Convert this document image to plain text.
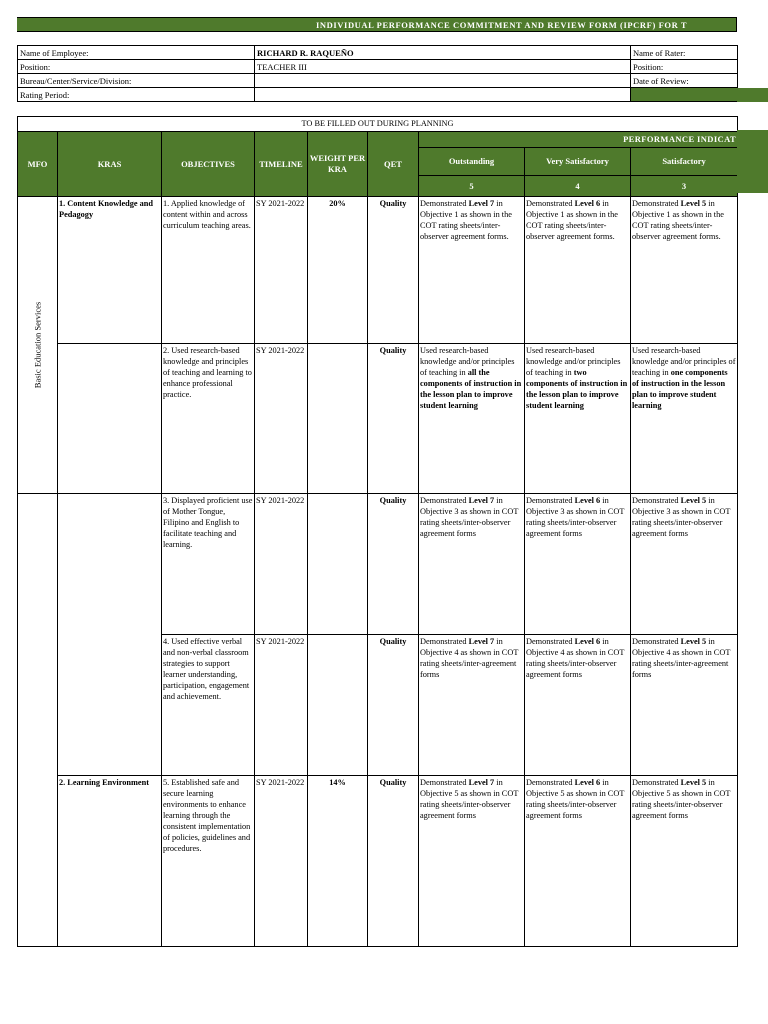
INDIVIDUAL PERFORMANCE COMMITMENT AND REVIEW FORM (IPCRF) FOR T
Name of Employee:	RICHARD R. RAQUEÑO	Name of Rater:
Position:	TEACHER III	Position:
Bureau/Center/Service/Division:		Date of Review:
Rating Period:		
TO BE FILLED OUT DURING PLANNING								
MFO	KRAS	OBJECTIVES	TIMELINE	WEIGHT PER KRA	QET	PERFORMANCE INDICAT		
						Outstanding	Very Satisfactory	Satisfactory
						5	4	3

Basic Education Services	1. Content Knowledge and Pedagogy	1. Applied knowledge of content within and across curriculum teaching areas.	SY 2021-2022	20%	Quality	Demonstrated Level 7 in Objective 1 as shown in the COT rating sheets/inter-observer agreement forms.	Demonstrated Level 6 in Objective 1 as shown in the COT rating sheets/inter-observer agreement forms.	Demonstrated Level 5 in Objective 1 as shown in the COT rating sheets/inter-observer agreement forms.
		2. Used research-based knowledge and principles of teaching and learning to enhance professional practice.	SY 2021-2022		Quality	Used research-based knowledge and/or principles of teaching in all the components of instruction in the lesson plan to improve student learning	Used research-based knowledge and/or principles of teaching in two components of instruction in the lesson plan to improve student learning	Used research-based knowledge and/or principles of teaching in one components of instruction in the lesson plan to improve student learning
		3. Displayed proficient use of Mother Tongue, Filipino and English to facilitate teaching and learning.	SY 2021-2022		Quality	Demonstrated Level 7 in Objective 3 as shown in COT rating sheets/inter-observer agreement forms	Demonstrated Level 6 in Objective 3 as shown in COT rating sheets/inter-observer agreement forms	Demonstrated Level 5 in Objective 3 as shown in COT rating sheets/inter-observer agreement forms
		4. Used effective verbal and non-verbal classroom strategies to support learner understanding, participation, engagement and achievement.	SY 2021-2022		Quality	Demonstrated Level 7 in Objective 4 as shown in COT rating sheets/inter-agreement forms	Demonstrated Level 6 in Objective 4 as shown in COT rating sheets/inter-observer agreement forms	Demonstrated Level 5 in Objective 4 as shown in COT rating sheets/inter-agreement forms
	2. Learning Environment	5. Established safe and secure learning environments to enhance learning through the consistent implementation of policies, guidelines and procedures.	SY 2021-2022	14%	Quality	Demonstrated Level 7 in Objective 5 as shown in COT rating sheets/inter-observer agreement forms	Demonstrated Level 6 in Objective 5 as shown in COT rating sheets/inter-observer agreement forms	Demonstrated Level 5 in Objective 5 as shown in COT rating sheets/inter-observer agreement forms
